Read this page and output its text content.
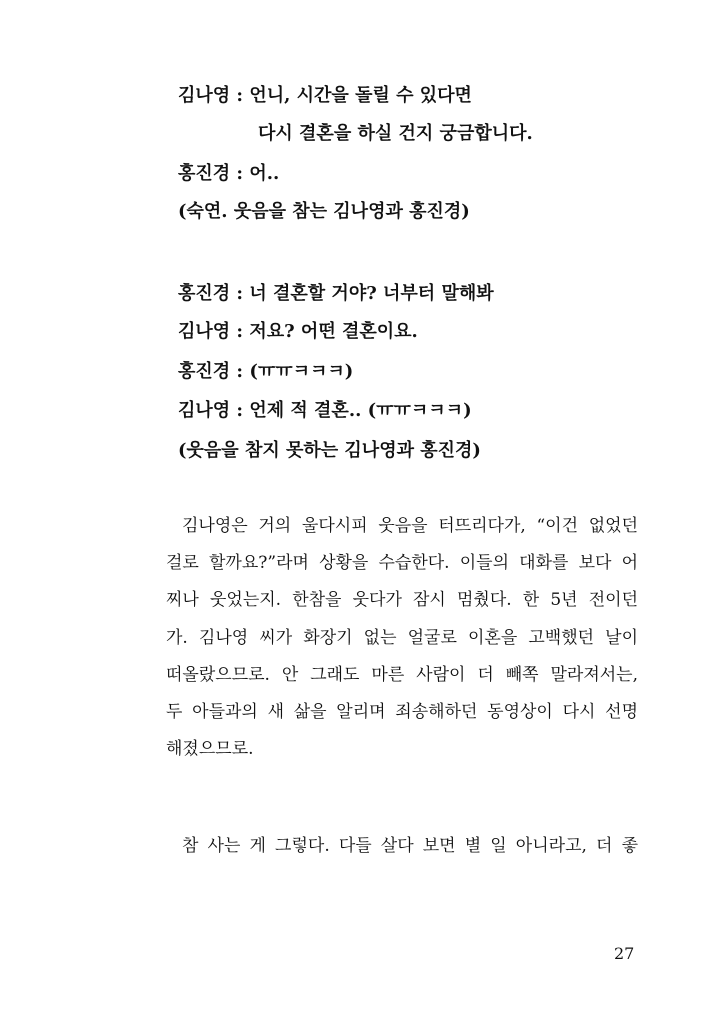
김나영 : 언니, 시간을 돌릴 수 있다면
다시 결혼을 하실 건지 궁금합니다.
홍진경 : 어..
(숙연. 웃음을 참는 김나영과 홍진경)
홍진경 : 너 결혼할 거야? 너부터 말해봐
김나영 : 저요? 어떤 결혼이요.
홍진경 : (ㅠㅠㅋㅋㅋ)
김나영 : 언제 적 결혼.. (ㅠㅠㅋㅋㅋ)
(웃음을 참지 못하는 김나영과 홍진경)
김나영은 거의 울다시피 웃음을 터뜨리다가, “이건 없었던
걸로 할까요?”라며 상황을 수습한다. 이들의 대화를 보다 어
찌나 웃었는지. 한참을 웃다가 잠시 멈췄다. 한 5년 전이던
가. 김나영 씨가 화장기 없는 얼굴로 이혼을 고백했던 날이
떠올랐으므로. 안 그래도 마른 사람이 더 빼쪽 말라져서는,
두 아들과의 새 삶을 알리며 죄송해하던 동영상이 다시 선명
해졌으므로.
참 사는 게 그렇다. 다들 살다 보면 별 일 아니라고, 더 좋
27
